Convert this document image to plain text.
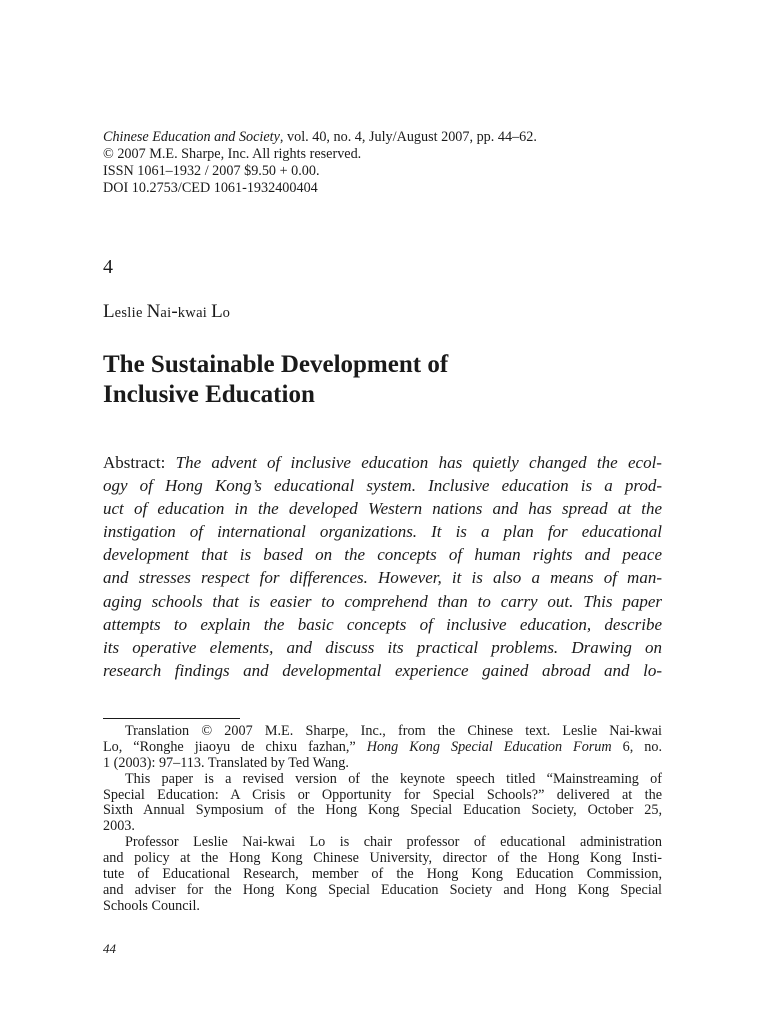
Chinese Education and Society, vol. 40, no. 4, July/August 2007, pp. 44–62.
© 2007 M.E. Sharpe, Inc. All rights reserved.
ISSN 1061–1932 / 2007 $9.50 + 0.00.
DOI 10.2753/CED 1061-1932400404
4
Leslie Nai-kwai Lo
The Sustainable Development of
Inclusive Education
Abstract: The advent of inclusive education has quietly changed the ecol-
ogy of Hong Kong’s educational system. Inclusive education is a prod-
uct of education in the developed Western nations and has spread at the
instigation of international organizations. It is a plan for educational
development that is based on the concepts of human rights and peace
and stresses respect for differences. However, it is also a means of man-
aging schools that is easier to comprehend than to carry out. This paper
attempts to explain the basic concepts of inclusive education, describe
its operative elements, and discuss its practical problems. Drawing on
research findings and developmental experience gained abroad and lo-
Translation © 2007 M.E. Sharpe, Inc., from the Chinese text. Leslie Nai-kwai
Lo, “Ronghe jiaoyu de chixu fazhan,” Hong Kong Special Education Forum 6, no.
1 (2003): 97–113. Translated by Ted Wang.
This paper is a revised version of the keynote speech titled “Mainstreaming of
Special Education: A Crisis or Opportunity for Special Schools?” delivered at the
Sixth Annual Symposium of the Hong Kong Special Education Society, October 25,
2003.
Professor Leslie Nai-kwai Lo is chair professor of educational administration
and policy at the Hong Kong Chinese University, director of the Hong Kong Insti-
tute of Educational Research, member of the Hong Kong Education Commission,
and adviser for the Hong Kong Special Education Society and Hong Kong Special
Schools Council.
44
